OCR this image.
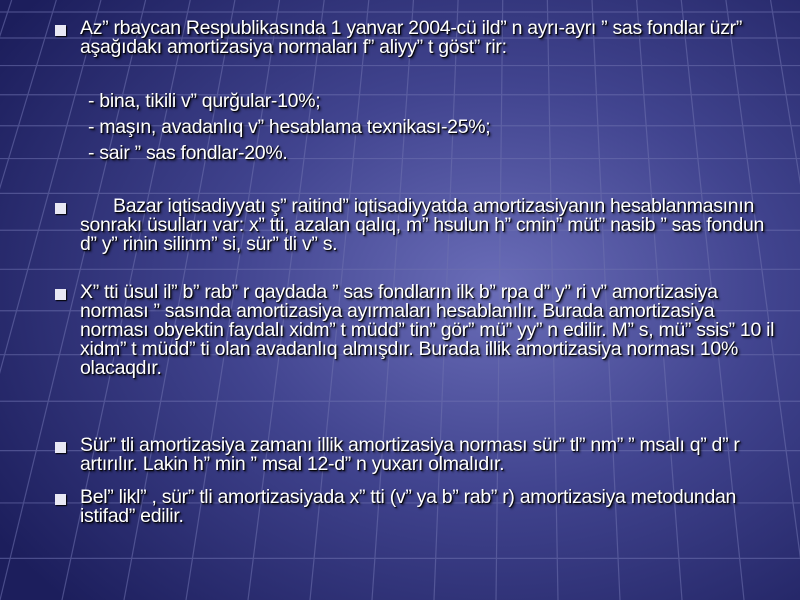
Az” rbaycan Respublikasında 1 yanvar 2004-cü ild” n ayrı-ayrı ” sas fondlar üzr” aşağıdakı amortizasiya normaları f” aliyy” t göst” rir:

- bina, tikili v” qurğular-10%;

- maşın, avadanlıq v” hesablama texnikası-25%;

- sair ” sas fondlar-20%.

Bazar iqtisadiyyatı ş” raitind” iqtisadiyyatda amortizasiyanın hesablanmasının sonrakı üsulları var: x” tti, azalan qalıq, m” hsulun h” cmin” müt” nasib ” sas fondun d” y” rinin silinm” si, sür” tli v” s.

X” tti üsul il” b” rab” r qaydada ” sas fondların ilk b” rpa d” y” ri v” amortizasiya norması ” sasında amortizasiya ayırmaları hesablanılır. Burada amortizasiya norması obyektin faydalı xidm” t müdd” tin” gör” mü” yy” n edilir. M” s, mü” ssis” 10 il xidm” t müdd” ti olan avadanlıq almışdır. Burada illik amortizasiya norması 10% olacaqdır.

Sür” tli amortizasiya zamanı illik amortizasiya norması sür” tl” nm” ” msalı q” d” r artırılır. Lakin h” min ” msal 12-d” n yuxarı olmalıdır.

Bel” likl” , sür” tli amortizasiyada x” tti (v” ya b” rab” r) amortizasiya metodundan istifad” edilir.
